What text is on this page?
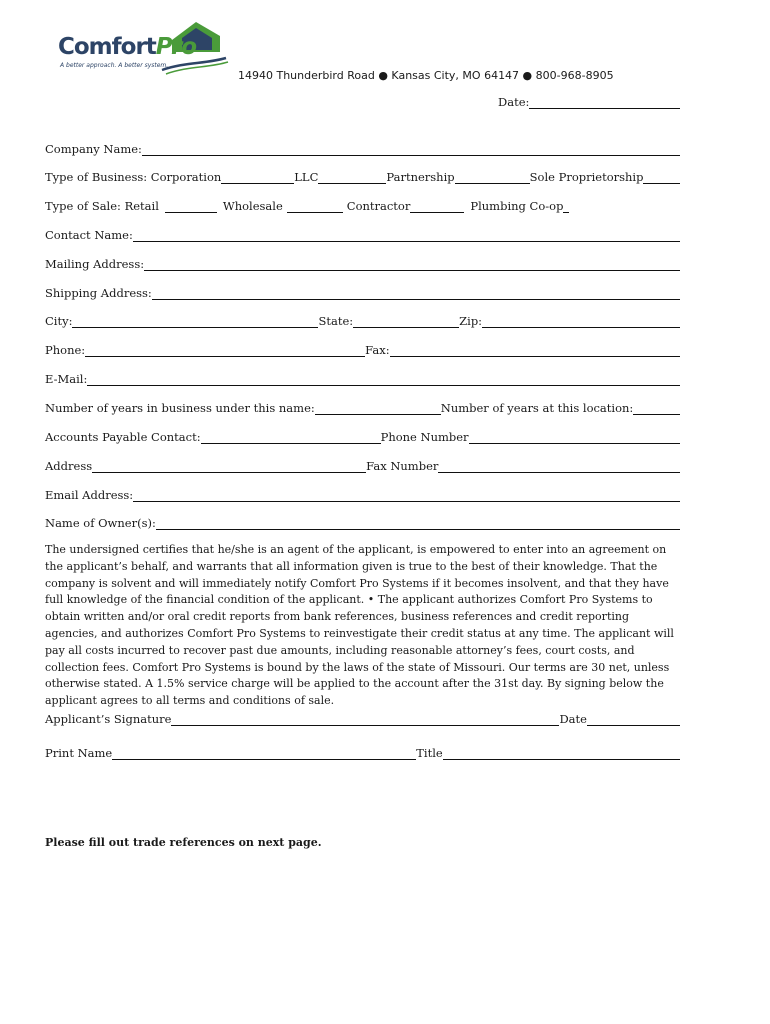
ComfortPro
A better approach. A better system.
14940 Thunderbird Road ● Kansas City, MO 64147 ● 800-968-8905
Date:
Company Name:
Type of Business: Corporation	LLC	Partnership	Sole Proprietorship
Type of Sale: Retail	Wholesale	Contractor	Plumbing Co-op
Contact Name:
Mailing Address:
Shipping Address:
City:	State:	Zip:
Phone:	Fax:
E-Mail:
Number of years in business under this name:	Number of years at this location:
Accounts Payable Contact:	Phone Number
Address	Fax Number
Email Address:
Name of Owner(s):
The undersigned certifies that he/she is an agent of the applicant, is empowered to enter into an agreement on the applicant’s behalf, and warrants that all information given is true to the best of their knowledge. That the company is solvent and will immediately notify Comfort Pro Systems if it becomes insolvent, and that they have full knowledge of the financial condition of the applicant. • The applicant authorizes Comfort Pro Systems to obtain written and/or oral credit reports from bank references, business references and credit reporting agencies, and authorizes Comfort Pro Systems to reinvestigate their credit status at any time. The applicant will pay all costs incurred to recover past due amounts, including reasonable attorney’s fees, court costs, and collection fees. Comfort Pro Systems is bound by the laws of the state of Missouri. Our terms are 30 net, unless otherwise stated. A 1.5% service charge will be applied to the account after the 31st day. By signing below the applicant agrees to all terms and conditions of sale.
Applicant’s Signature	Date
Print Name	Title
Please fill out trade references on next page.
